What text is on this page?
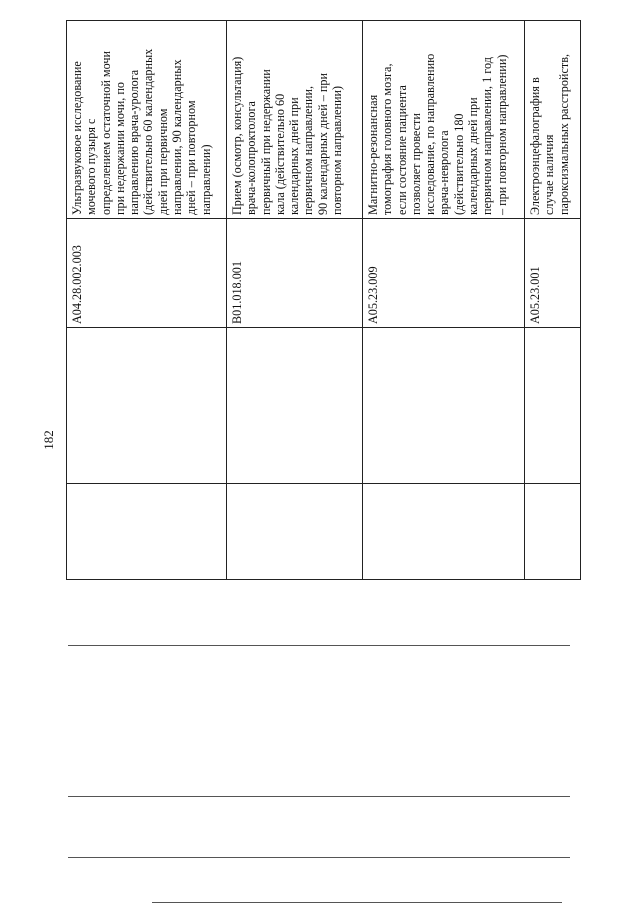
182
A04.28.002.003
Ультразвуковое исследование
мочевого пузыря с
определением остаточной мочи
при недержании мочи, по
направлению врача-уролога
(действительно 60 календарных
дней при первичном
направлении, 90 календарных
дней – при повторном
направлении)
B01.018.001
Прием (осмотр, консультация)
врача-колопроктолога
первичный при недержании
кала (действительно 60
календарных дней при
первичном направлении,
90 календарных дней – при
повторном направлении)
A05.23.009
Магнитно-резонансная
томография головного мозга,
если состояние пациента
позволяет провести
исследование, по направлению
врача-невролога
(действительно 180
календарных дней при
первичном направлении, 1 год
– при повторном направлении)
A05.23.001
Электроэнцефалография в
случае наличия
пароксизмальных расстройств,
